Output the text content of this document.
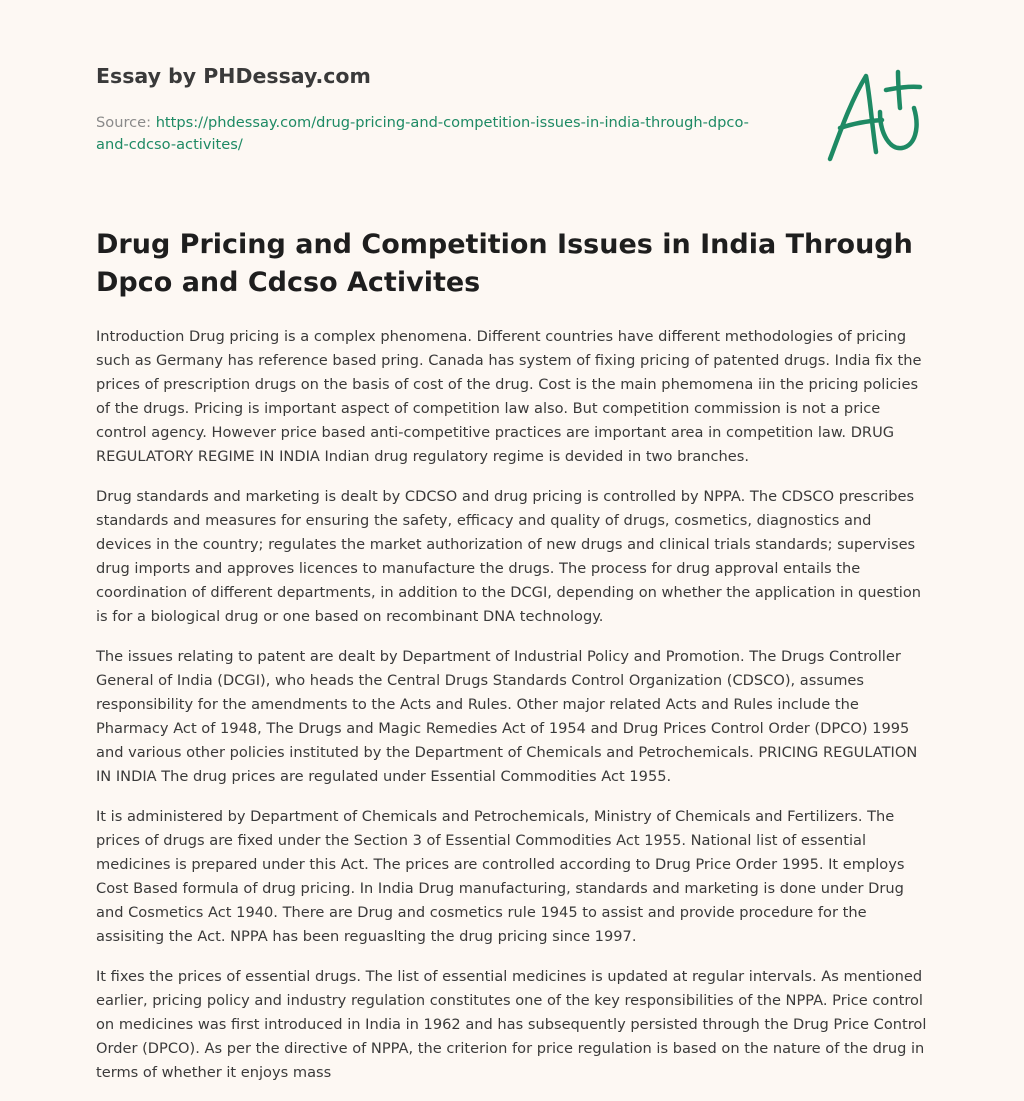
Essay by PHDessay.com
Source: https://phdessay.com/drug-pricing-and-competition-issues-in-india-through-dpco-and-cdcso-activites/
Drug Pricing and Competition Issues in India Through Dpco and Cdcso Activites

Introduction Drug pricing is a complex phenomena. Different countries have different methodologies of pricing such as Germany has reference based pring. Canada has system of fixing pricing of patented drugs. India fix the prices of prescription drugs on the basis of cost of the drug. Cost is the main phemomena iin the pricing policies of the drugs. Pricing is important aspect of competition law also. But competition commission is not a price control agency. However price based anti-competitive practices are important area in competition law. DRUG REGULATORY REGIME IN INDIA Indian drug regulatory regime is devided in two branches.

Drug standards and marketing is dealt by CDCSO and drug pricing is controlled by NPPA. The CDSCO prescribes standards and measures for ensuring the safety, efficacy and quality of drugs, cosmetics, diagnostics and devices in the country; regulates the market authorization of new drugs and clinical trials standards; supervises drug imports and approves licences to manufacture the drugs. The process for drug approval entails the coordination of different departments, in addition to the DCGI, depending on whether the application in question is for a biological drug or one based on recombinant DNA technology.

The issues relating to patent are dealt by Department of Industrial Policy and Promotion. The Drugs Controller General of India (DCGI), who heads the Central Drugs Standards Control Organization (CDSCO), assumes responsibility for the amendments to the Acts and Rules. Other major related Acts and Rules include the Pharmacy Act of 1948, The Drugs and Magic Remedies Act of 1954 and Drug Prices Control Order (DPCO) 1995 and various other policies instituted by the Department of Chemicals and Petrochemicals. PRICING REGULATION IN INDIA The drug prices are regulated under Essential Commodities Act 1955.

It is administered by Department of Chemicals and Petrochemicals, Ministry of Chemicals and Fertilizers. The prices of drugs are fixed under the Section 3 of Essential Commodities Act 1955. National list of essential medicines is prepared under this Act. The prices are controlled according to Drug Price Order 1995. It employs Cost Based formula of drug pricing. In India Drug manufacturing, standards and marketing is done under Drug and Cosmetics Act 1940. There are Drug and cosmetics rule 1945 to assist and provide procedure for the assisiting the Act. NPPA has been reguaslting the drug pricing since 1997.

It fixes the prices of essential drugs. The list of essential medicines is updated at regular intervals. As mentioned earlier, pricing policy and industry regulation constitutes one of the key responsibilities of the NPPA. Price control on medicines was first introduced in India in 1962 and has subsequently persisted through the Drug Price Control Order (DPCO). As per the directive of NPPA, the criterion for price regulation is based on the nature of the drug in terms of whether it enjoys mass
